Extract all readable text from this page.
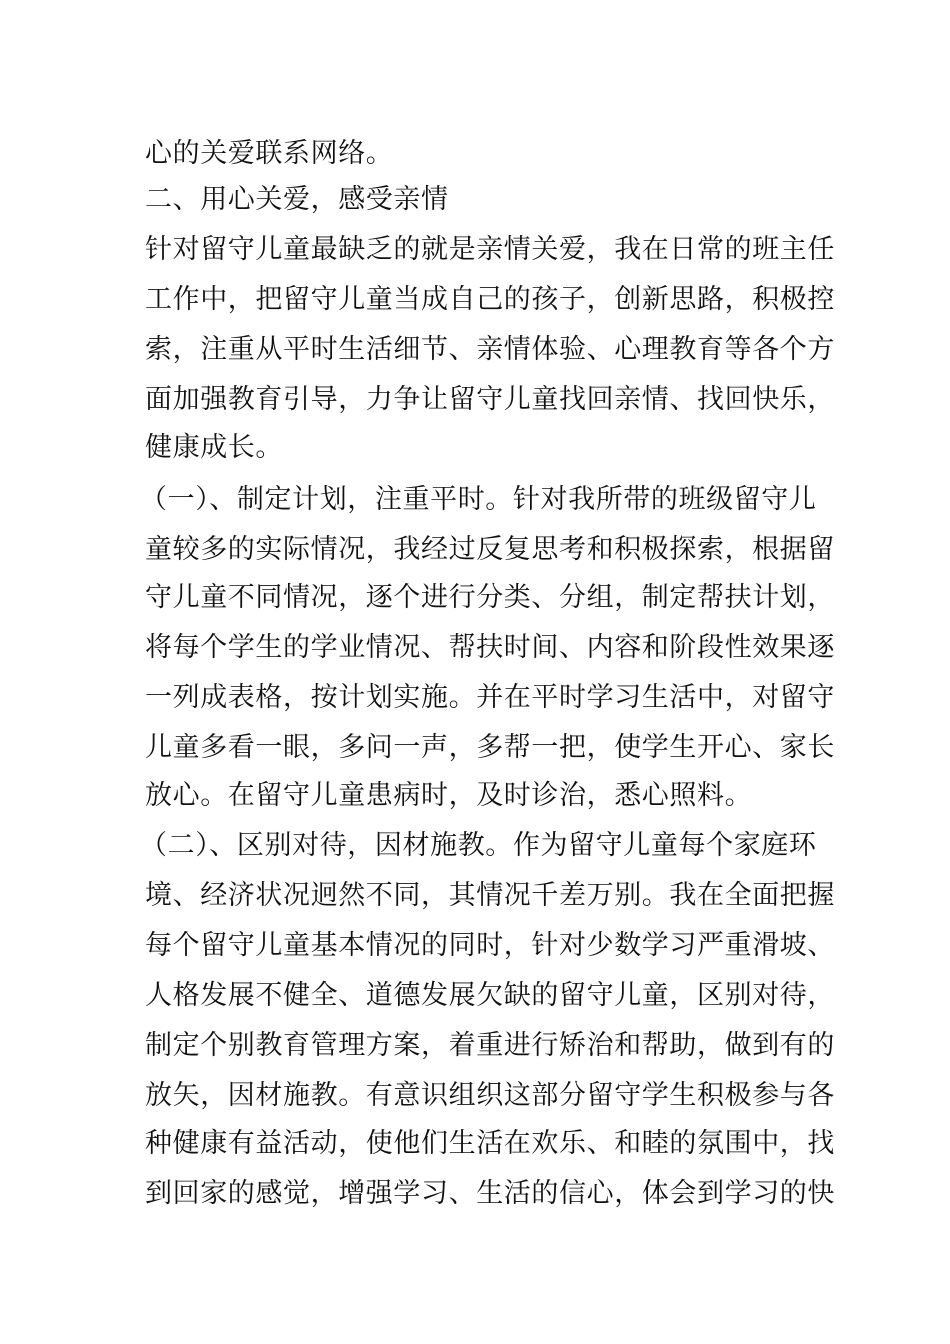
心的关爱联系网络。
二、用心关爱，感受亲情
针对留守儿童最缺乏的就是亲情关爱，我在日常的班主任
工作中，把留守儿童当成自己的孩子，创新思路，积极控
索，注重从平时生活细节、亲情体验、心理教育等各个方
面加强教育引导，力争让留守儿童找回亲情、找回快乐，
健康成长。
（一）、制定计划，注重平时。针对我所带的班级留守儿
童较多的实际情况，我经过反复思考和积极探索，根据留
守儿童不同情况，逐个进行分类、分组，制定帮扶计划，
将每个学生的学业情况、帮扶时间、内容和阶段性效果逐
一列成表格，按计划实施。并在平时学习生活中，对留守
儿童多看一眼，多问一声，多帮一把，使学生开心、家长
放心。在留守儿童患病时，及时诊治，悉心照料。
（二）、区别对待，因材施教。作为留守儿童每个家庭环
境、经济状况迥然不同，其情况千差万别。我在全面把握
每个留守儿童基本情况的同时，针对少数学习严重滑坡、
人格发展不健全、道德发展欠缺的留守儿童，区别对待，
制定个别教育管理方案，着重进行矫治和帮助，做到有的
放矢，因材施教。有意识组织这部分留守学生积极参与各
种健康有益活动，使他们生活在欢乐、和睦的氛围中，找
到回家的感觉，增强学习、生活的信心，体会到学习的快
